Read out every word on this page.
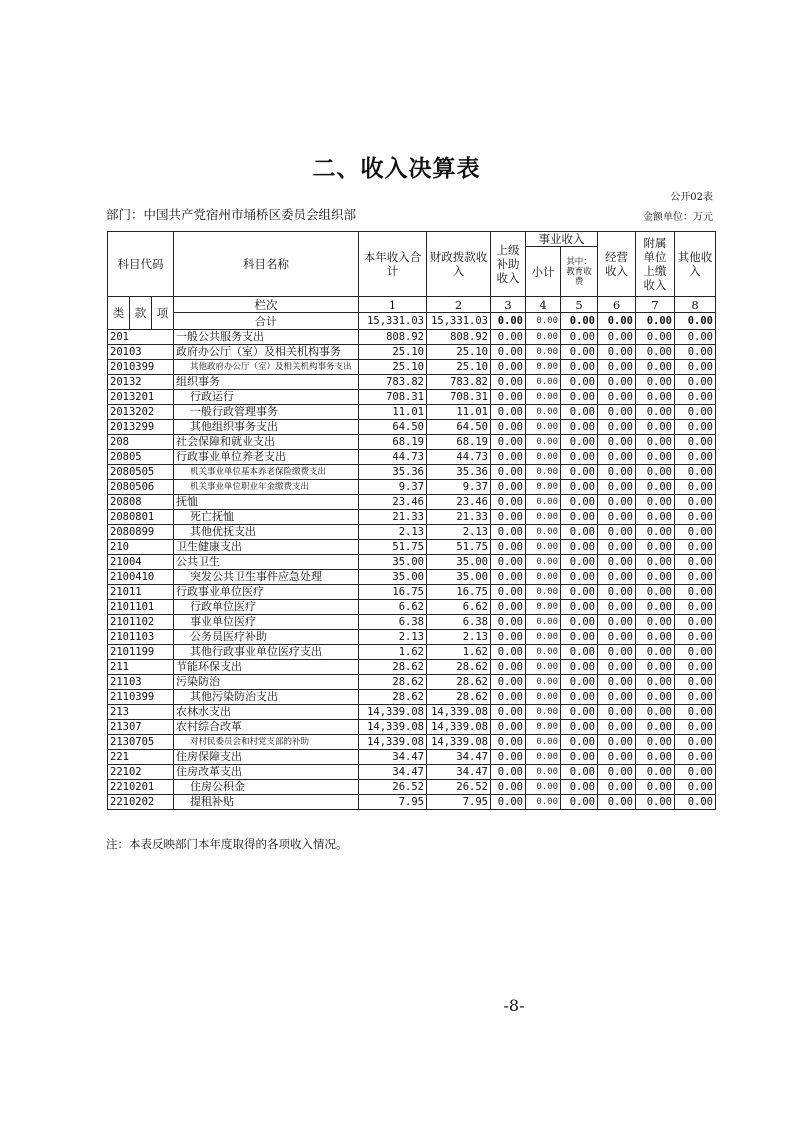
二、收入决算表
公开02表
部门：中国共产党宿州市埇桥区委员会组织部	金额单位：万元
科目代码			科目名称	本年收入合计	财政拨款收入	上级补助收入	事业收入		经营收入	附属单位上缴收入	其他收入
							小计	其中：教育收费			
类	款	项	栏次	1	2	3	4	5	6	7	8
			合计	15,331.03	15,331.03	0.00	0.00	0.00	0.00	0.00	0.00
201			一般公共服务支出	808.92	808.92	0.00	0.00	0.00	0.00	0.00	0.00
20103			政府办公厅（室）及相关机构事务	25.10	25.10	0.00	0.00	0.00	0.00	0.00	0.00
2010399			其他政府办公厅（室）及相关机构事务支出	25.10	25.10	0.00	0.00	0.00	0.00	0.00	0.00
20132			组织事务	783.82	783.82	0.00	0.00	0.00	0.00	0.00	0.00
2013201			行政运行	708.31	708.31	0.00	0.00	0.00	0.00	0.00	0.00
2013202			一般行政管理事务	11.01	11.01	0.00	0.00	0.00	0.00	0.00	0.00
2013299			其他组织事务支出	64.50	64.50	0.00	0.00	0.00	0.00	0.00	0.00
208			社会保障和就业支出	68.19	68.19	0.00	0.00	0.00	0.00	0.00	0.00
20805			行政事业单位养老支出	44.73	44.73	0.00	0.00	0.00	0.00	0.00	0.00
2080505			机关事业单位基本养老保险缴费支出	35.36	35.36	0.00	0.00	0.00	0.00	0.00	0.00
2080506			机关事业单位职业年金缴费支出	9.37	9.37	0.00	0.00	0.00	0.00	0.00	0.00
20808			抚恤	23.46	23.46	0.00	0.00	0.00	0.00	0.00	0.00
2080801			死亡抚恤	21.33	21.33	0.00	0.00	0.00	0.00	0.00	0.00
2080899			其他优抚支出	2.13	2.13	0.00	0.00	0.00	0.00	0.00	0.00
210			卫生健康支出	51.75	51.75	0.00	0.00	0.00	0.00	0.00	0.00
21004			公共卫生	35.00	35.00	0.00	0.00	0.00	0.00	0.00	0.00
2100410			突发公共卫生事件应急处理	35.00	35.00	0.00	0.00	0.00	0.00	0.00	0.00
21011			行政事业单位医疗	16.75	16.75	0.00	0.00	0.00	0.00	0.00	0.00
2101101			行政单位医疗	6.62	6.62	0.00	0.00	0.00	0.00	0.00	0.00
2101102			事业单位医疗	6.38	6.38	0.00	0.00	0.00	0.00	0.00	0.00
2101103			公务员医疗补助	2.13	2.13	0.00	0.00	0.00	0.00	0.00	0.00
2101199			其他行政事业单位医疗支出	1.62	1.62	0.00	0.00	0.00	0.00	0.00	0.00
211			节能环保支出	28.62	28.62	0.00	0.00	0.00	0.00	0.00	0.00
21103			污染防治	28.62	28.62	0.00	0.00	0.00	0.00	0.00	0.00
2110399			其他污染防治支出	28.62	28.62	0.00	0.00	0.00	0.00	0.00	0.00
213			农林水支出	14,339.08	14,339.08	0.00	0.00	0.00	0.00	0.00	0.00
21307			农村综合改革	14,339.08	14,339.08	0.00	0.00	0.00	0.00	0.00	0.00
2130705			对村民委员会和村党支部的补助	14,339.08	14,339.08	0.00	0.00	0.00	0.00	0.00	0.00
221			住房保障支出	34.47	34.47	0.00	0.00	0.00	0.00	0.00	0.00
22102			住房改革支出	34.47	34.47	0.00	0.00	0.00	0.00	0.00	0.00
2210201			住房公积金	26.52	26.52	0.00	0.00	0.00	0.00	0.00	0.00
2210202			提租补贴	7.95	7.95	0.00	0.00	0.00	0.00	0.00	0.00
注：本表反映部门本年度取得的各项收入情况。
-8-
